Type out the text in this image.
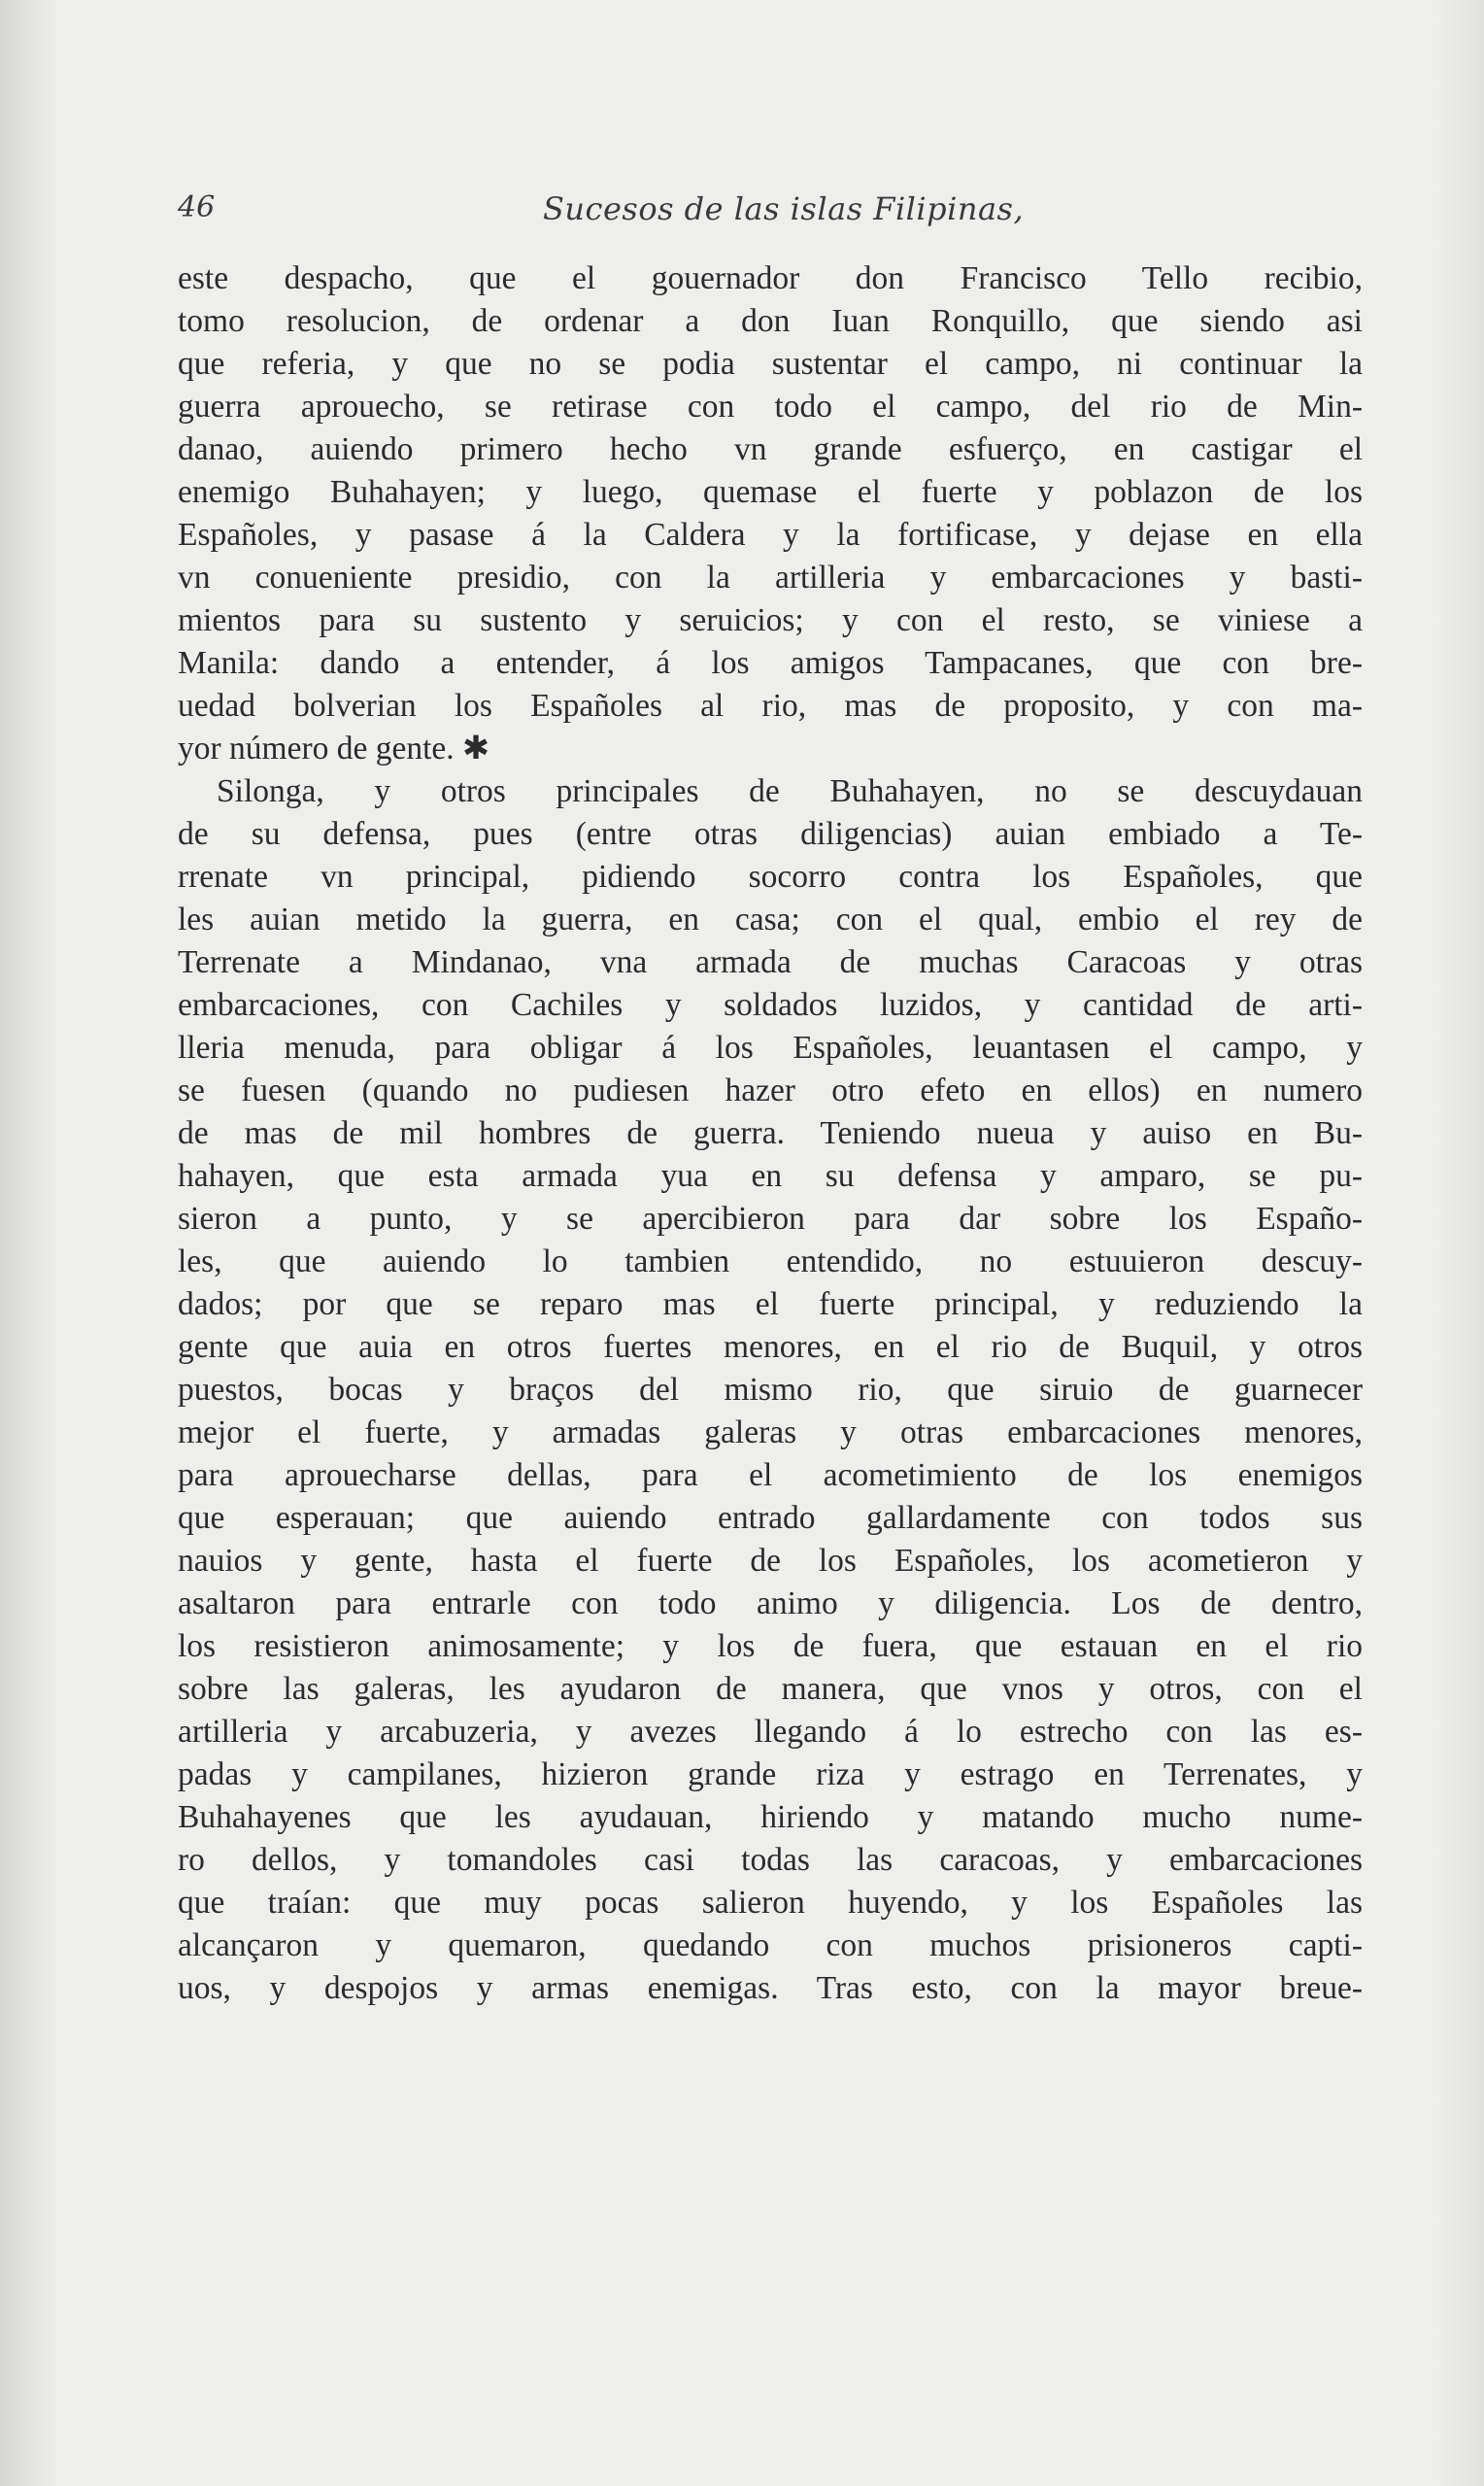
46	Sucesos de las islas Filipinas,
este despacho, que el gouernador don Francisco Tello recibio,
tomo resolucion, de ordenar a don Iuan Ronquillo, que siendo asi
que referia, y que no se podia sustentar el campo, ni continuar la
guerra aprouecho, se retirase con todo el campo, del rio de Min-
danao, auiendo primero hecho vn grande esfuerço, en castigar el
enemigo Buhahayen; y luego, quemase el fuerte y poblazon de los
Españoles, y pasase á la Caldera y la fortificase, y dejase en ella
vn conueniente presidio, con la artilleria y embarcaciones y basti-
mientos para su sustento y seruicios; y con el resto, se viniese a
Manila: dando a entender, á los amigos Tampacanes, que con bre-
uedad bolverian los Españoles al rio, mas de proposito, y con ma-
yor número de gente. ✱
Silonga, y otros principales de Buhahayen, no se descuydauan
de su defensa, pues (entre otras diligencias) auian embiado a Te-
rrenate vn principal, pidiendo socorro contra los Españoles, que
les auian metido la guerra, en casa; con el qual, embio el rey de
Terrenate a Mindanao, vna armada de muchas Caracoas y otras
embarcaciones, con Cachiles y soldados luzidos, y cantidad de arti-
lleria menuda, para obligar á los Españoles, leuantasen el campo, y
se fuesen (quando no pudiesen hazer otro efeto en ellos) en numero
de mas de mil hombres de guerra. Teniendo nueua y auiso en Bu-
hahayen, que esta armada yua en su defensa y amparo, se pu-
sieron a punto, y se apercibieron para dar sobre los Españo-
les, que auiendo lo tambien entendido, no estuuieron descuy-
dados; por que se reparo mas el fuerte principal, y reduziendo la
gente que auia en otros fuertes menores, en el rio de Buquil, y otros
puestos, bocas y braços del mismo rio, que siruio de guarnecer
mejor el fuerte, y armadas galeras y otras embarcaciones menores,
para aprouecharse dellas, para el acometimiento de los enemigos
que esperauan; que auiendo entrado gallardamente con todos sus
nauios y gente, hasta el fuerte de los Españoles, los acometieron y
asaltaron para entrarle con todo animo y diligencia. Los de dentro,
los resistieron animosamente; y los de fuera, que estauan en el rio
sobre las galeras, les ayudaron de manera, que vnos y otros, con el
artilleria y arcabuzeria, y avezes llegando á lo estrecho con las es-
padas y campilanes, hizieron grande riza y estrago en Terrenates, y
Buhahayenes que les ayudauan, hiriendo y matando mucho nume-
ro dellos, y tomandoles casi todas las caracoas, y embarcaciones
que traían: que muy pocas salieron huyendo, y los Españoles las
alcançaron y quemaron, quedando con muchos prisioneros capti-
uos, y despojos y armas enemigas. Tras esto, con la mayor breue-
